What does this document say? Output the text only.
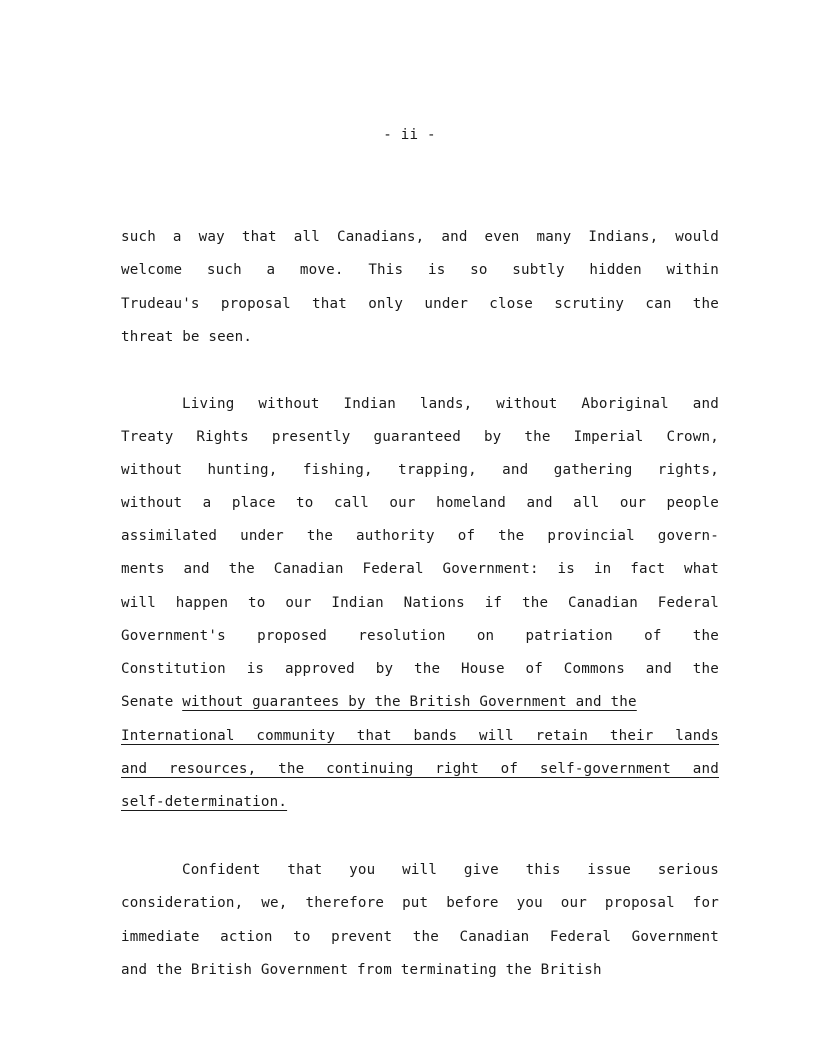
- ii -
such a way that all Canadians, and even many Indians, would
welcome such a move. This is so subtly hidden within
Trudeau's proposal that only under close scrutiny can the
threat be seen.
Living without Indian lands, without Aboriginal and
Treaty Rights presently guaranteed by the Imperial Crown,
without hunting, fishing, trapping, and gathering rights,
without a place to call our homeland and all our people
assimilated under the authority of the provincial govern-
ments and the Canadian Federal Government: is in fact what
will happen to our Indian Nations if the Canadian Federal
Government's proposed resolution on patriation of the
Constitution is approved by the House of Commons and the
Senate without guarantees by the British Government and the
International community that bands will retain their lands
and resources, the continuing right of self-government and
self-determination.
Confident that you will give this issue serious
consideration, we, therefore put before you our proposal for
immediate action to prevent the Canadian Federal Government
and the British Government from terminating the British
